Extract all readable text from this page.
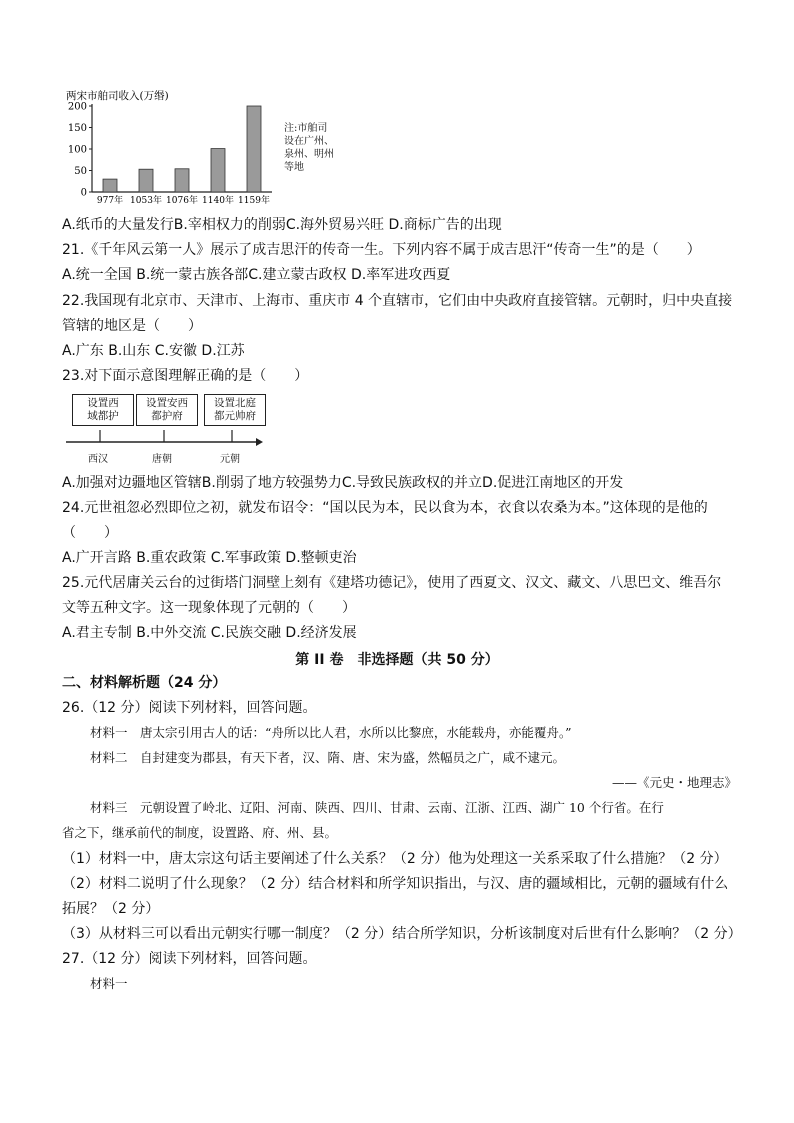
两宋市舶司收入(万缗)
0
50
100
150
200
977年 1053年 1076年 1140年 1159年
注:市舶司
设在广州、
泉州、明州
等地
A.纸币的大量发行B.宰相权力的削弱C.海外贸易兴旺 D.商标广告的出现
21.《千年风云第一人》展示了成吉思汗的传奇一生。下列内容不属于成吉思汗“传奇一生”的是（　　）
A.统一全国 B.统一蒙古族各部C.建立蒙古政权 D.率军进攻西夏
22.我国现有北京市、天津市、上海市、重庆市 4 个直辖市，它们由中央政府直接管辖。元朝时，归中央直接
管辖的地区是（　　）
A.广东 B.山东 C.安徽 D.江苏
23.对下面示意图理解正确的是（　　）
设置西
域都护
设置安西
都护府
设置北庭
都元帅府
西汉	唐朝	元朝
A.加强对边疆地区管辖B.削弱了地方较强势力C.导致民族政权的并立D.促进江南地区的开发
24.元世祖忽必烈即位之初，就发布诏令：“国以民为本，民以食为本，衣食以农桑为本。”这体现的是他的
（　　）
A.广开言路 B.重农政策 C.军事政策 D.整顿吏治
25.元代居庸关云台的过街塔门洞壁上刻有《建塔功德记》，使用了西夏文、汉文、藏文、八思巴文、维吾尔
文等五种文字。这一现象体现了元朝的（　　）
A.君主专制 B.中外交流 C.民族交融 D.经济发展
第 II 卷　非选择题（共 50 分）
二、材料解析题（24 分）
26.（12 分）阅读下列材料，回答问题。
材料一　唐太宗引用古人的话：“舟所以比人君，水所以比黎庶，水能载舟，亦能覆舟。”
材料二　自封建变为郡县，有天下者，汉、隋、唐、宋为盛，然幅员之广，咸不逮元。
——《元史・地理志》
材料三　元朝设置了岭北、辽阳、河南、陕西、四川、甘肃、云南、江浙、江西、湖广 10 个行省。在行
省之下，继承前代的制度，设置路、府、州、县。
（1）材料一中，唐太宗这句话主要阐述了什么关系？（2 分）他为处理这一关系采取了什么措施？（2 分）
（2）材料二说明了什么现象？（2 分）结合材料和所学知识指出，与汉、唐的疆域相比，元朝的疆域有什么
拓展？（2 分）
（3）从材料三可以看出元朝实行哪一制度？（2 分）结合所学知识，分析该制度对后世有什么影响？（2 分）
27.（12 分）阅读下列材料，回答问题。
材料一
